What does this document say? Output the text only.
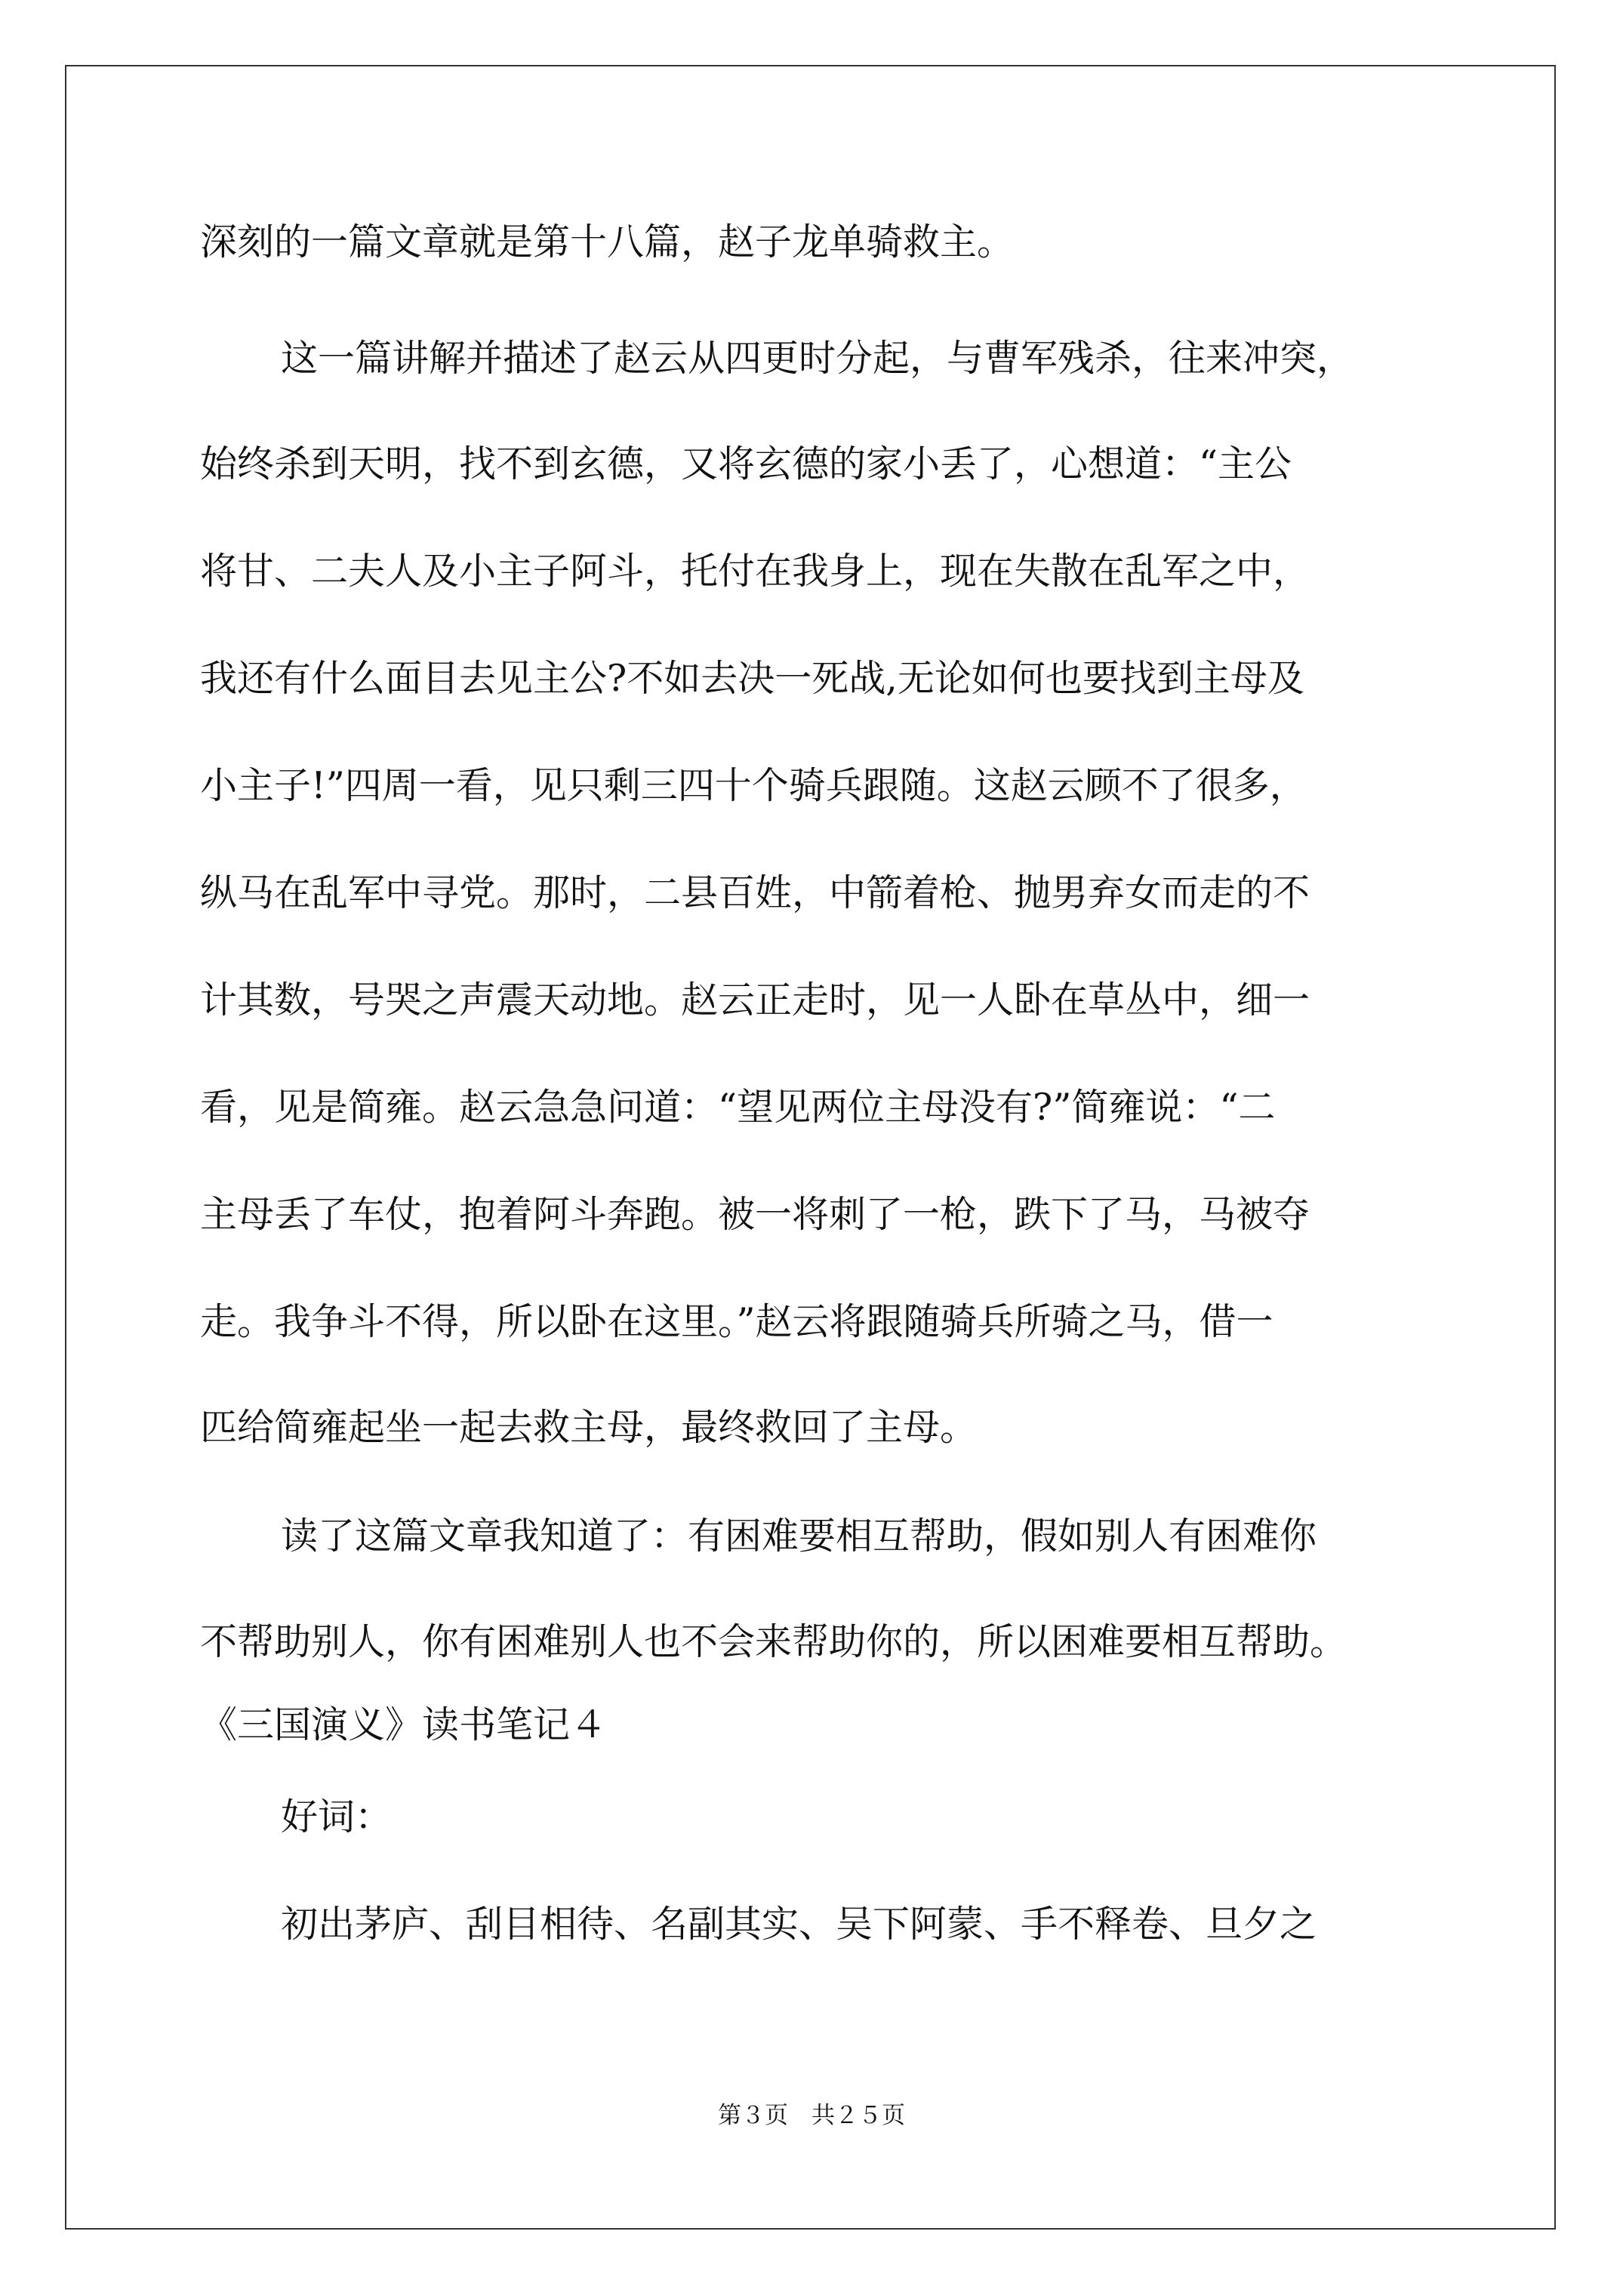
深刻的一篇文章就是第十八篇，赵子龙单骑救主。
这一篇讲解并描述了赵云从四更时分起，与曹军残杀，往来冲突，
始终杀到天明，找不到玄德，又将玄德的家小丢了，心想道：“主公
将甘、二夫人及小主子阿斗，托付在我身上，现在失散在乱军之中，
我还有什么面目去见主公?不如去决一死战,无论如何也要找到主母及
小主子!”四周一看，见只剩三四十个骑兵跟随。这赵云顾不了很多，
纵马在乱军中寻党。那时，二县百姓，中箭着枪、抛男弃女而走的不
计其数，号哭之声震天动地。赵云正走时，见一人卧在草丛中，细一
看，见是简雍。赵云急急问道：“望见两位主母没有?”简雍说：“二
主母丢了车仗，抱着阿斗奔跑。被一将刺了一枪，跌下了马，马被夺
走。我争斗不得，所以卧在这里。”赵云将跟随骑兵所骑之马，借一
匹给简雍起坐一起去救主母，最终救回了主母。
读了这篇文章我知道了：有困难要相互帮助，假如别人有困难你
不帮助别人，你有困难别人也不会来帮助你的，所以困难要相互帮助。
《三国演义》读书笔记４
好词：
初出茅庐、刮目相待、名副其实、吴下阿蒙、手不释卷、旦夕之
第３页　共２５页
